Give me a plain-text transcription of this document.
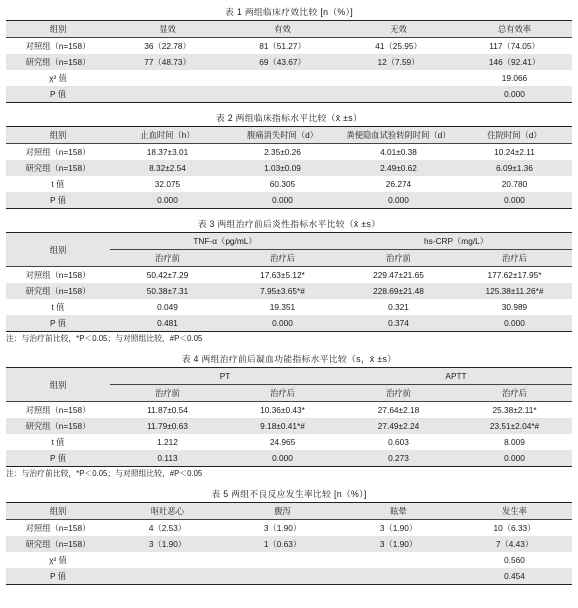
表 1 两组临床疗效比较 [n（%）]
组别	显效	有效	无效	总有效率
对照组（n=158）	36（22.78）	81（51.27）	41（25.95）	117（74.05）
研究组（n=158）	77（48.73）	69（43.67）	12（7.59）	146（92.41）
χ² 值				19.066
P 值				0.000
表 2 两组临床指标水平比较（x̄ ±s）
组别	止血时间（h）	腹痛消失时间（d）	粪便隐血试验转阴时间（d）	住院时间（d）
对照组（n=158）	18.37±3.01	2.35±0.26	4.01±0.38	10.24±2.11
研究组（n=158）	8.32±2.54	1.03±0.09	2.49±0.62	6.09±1.36
t 值	32.075	60.305	26.274	20.780
P 值	0.000	0.000	0.000	0.000
表 3 两组治疗前后炎性指标水平比较（x̄ ±s）
组别	TNF-α（pg/mL）		hs-CRP（mg/L）	
	治疗前	治疗后	治疗前	治疗后
对照组（n=158）	50.42±7.29	17.63±5.12*	229.47±21.65	177.62±17.95*
研究组（n=158）	50.38±7.31	7.95±3.65*#	228.69±21.48	125.38±11.26*#
t 值	0.049	19.351	0.321	30.989
P 值	0.481	0.000	0.374	0.000
注：与治疗前比较，*P＜0.05；与对照组比较，#P＜0.05
表 4 两组治疗前后凝血功能指标水平比较（s，x̄ ±s）
组别	PT		APTT	
	治疗前	治疗后	治疗前	治疗后
对照组（n=158）	11.87±0.54	10.36±0.43*	27.64±2.18	25.38±2.11*
研究组（n=158）	11.79±0.63	9.18±0.41*#	27.49±2.24	23.51±2.04*#
t 值	1.212	24.965	0.603	8.009
P 值	0.113	0.000	0.273	0.000
注：与治疗前比较，*P＜0.05；与对照组比较，#P＜0.05
表 5 两组不良反应发生率比较 [n（%）]
组别	呕吐恶心	腹泻	眩晕	发生率
对照组（n=158）	4（2.53）	3（1.90）	3（1.90）	10（6.33）
研究组（n=158）	3（1.90）	1（0.63）	3（1.90）	7（4.43）
χ² 值				0.560
P 值				0.454
